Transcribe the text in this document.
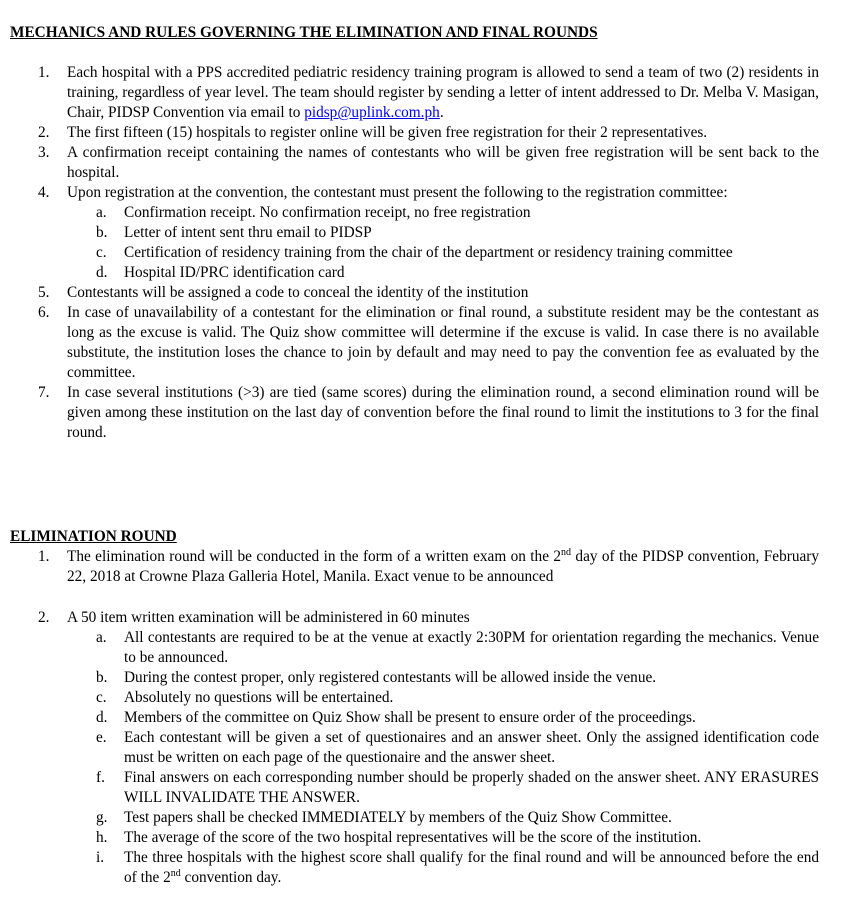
MECHANICS AND RULES GOVERNING THE ELIMINATION AND FINAL ROUNDS
1. Each hospital with a PPS accredited pediatric residency training program is allowed to send a team of two (2) residents in training, regardless of year level. The team should register by sending a letter of intent addressed to Dr. Melba V. Masigan, Chair, PIDSP Convention via email to pidsp@uplink.com.ph.
2. The first fifteen (15) hospitals to register online will be given free registration for their 2 representatives.
3. A confirmation receipt containing the names of contestants who will be given free registration will be sent back to the hospital.
4. Upon registration at the convention, the contestant must present the following to the registration committee:
a. Confirmation receipt. No confirmation receipt, no free registration
b. Letter of intent sent thru email to PIDSP
c. Certification of residency training from the chair of the department or residency training committee
d. Hospital ID/PRC identification card
5. Contestants will be assigned a code to conceal the identity of the institution
6. In case of unavailability of a contestant for the elimination or final round, a substitute resident may be the contestant as long as the excuse is valid. The Quiz show committee will determine if the excuse is valid. In case there is no available substitute, the institution loses the chance to join by default and may need to pay the convention fee as evaluated by the committee.
7. In case several institutions (>3) are tied (same scores) during the elimination round, a second elimination round will be given among these institution on the last day of convention before the final round to limit the institutions to 3 for the final round.
ELIMINATION ROUND
1. The elimination round will be conducted in the form of a written exam on the 2nd day of the PIDSP convention, February 22, 2018 at Crowne Plaza Galleria Hotel, Manila. Exact venue to be announced
2. A 50 item written examination will be administered in 60 minutes
a. All contestants are required to be at the venue at exactly 2:30PM for orientation regarding the mechanics. Venue to be announced.
b. During the contest proper, only registered contestants will be allowed inside the venue.
c. Absolutely no questions will be entertained.
d. Members of the committee on Quiz Show shall be present to ensure order of the proceedings.
e. Each contestant will be given a set of questionaires and an answer sheet. Only the assigned identification code must be written on each page of the questionaire and the answer sheet.
f. Final answers on each corresponding number should be properly shaded on the answer sheet. ANY ERASURES WILL INVALIDATE THE ANSWER.
g. Test papers shall be checked IMMEDIATELY by members of the Quiz Show Committee.
h. The average of the score of the two hospital representatives will be the score of the institution.
i. The three hospitals with the highest score shall qualify for the final round and will be announced before the end of the 2nd convention day.
